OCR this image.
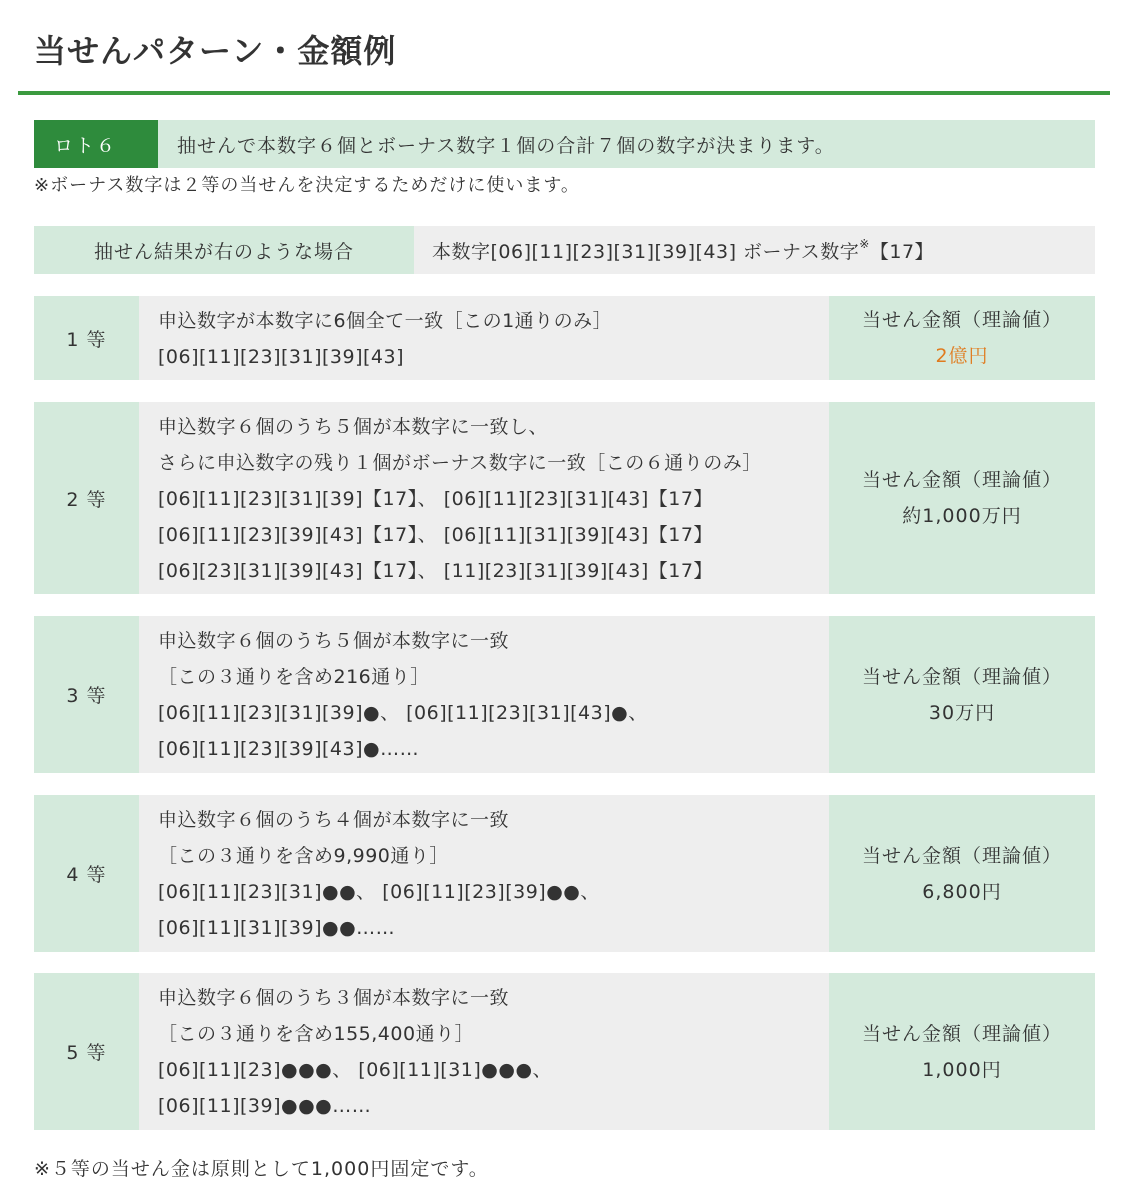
当せんパターン・金額例
ロト６	抽せんで本数字６個とボーナス数字１個の合計７個の数字が決まります。
※ボーナス数字は２等の当せんを決定するためだけに使います。
抽せん結果が右のような場合	本数字[06][11][23][31][39][43] ボーナス数字※ 【17】
1 等
申込数字が本数字に6個全て一致［この1通りのみ］
[06][11][23][31][39][43]
当せん金額（理論値）
2億円
2 等
申込数字６個のうち５個が本数字に一致し、
さらに申込数字の残り１個がボーナス数字に一致［この６通りのみ］
[06][11][23][31][39]【17】、 [06][11][23][31][43]【17】
[06][11][23][39][43]【17】、 [06][11][31][39][43]【17】
[06][23][31][39][43]【17】、 [11][23][31][39][43]【17】
当せん金額（理論値）
約1,000万円
3 等
申込数字６個のうち５個が本数字に一致
［この３通りを含め216通り］
[06][11][23][31][39]●、 [06][11][23][31][43]●、
[06][11][23][39][43]●……
当せん金額（理論値）
30万円
4 等
申込数字６個のうち４個が本数字に一致
［この３通りを含め9,990通り］
[06][11][23][31]●●、 [06][11][23][39]●●、
[06][11][31][39]●●……
当せん金額（理論値）
6,800円
5 等
申込数字６個のうち３個が本数字に一致
［この３通りを含め155,400通り］
[06][11][23]●●●、 [06][11][31]●●●、
[06][11][39]●●●……
当せん金額（理論値）
1,000円
※５等の当せん金は原則として1,000円固定です。
